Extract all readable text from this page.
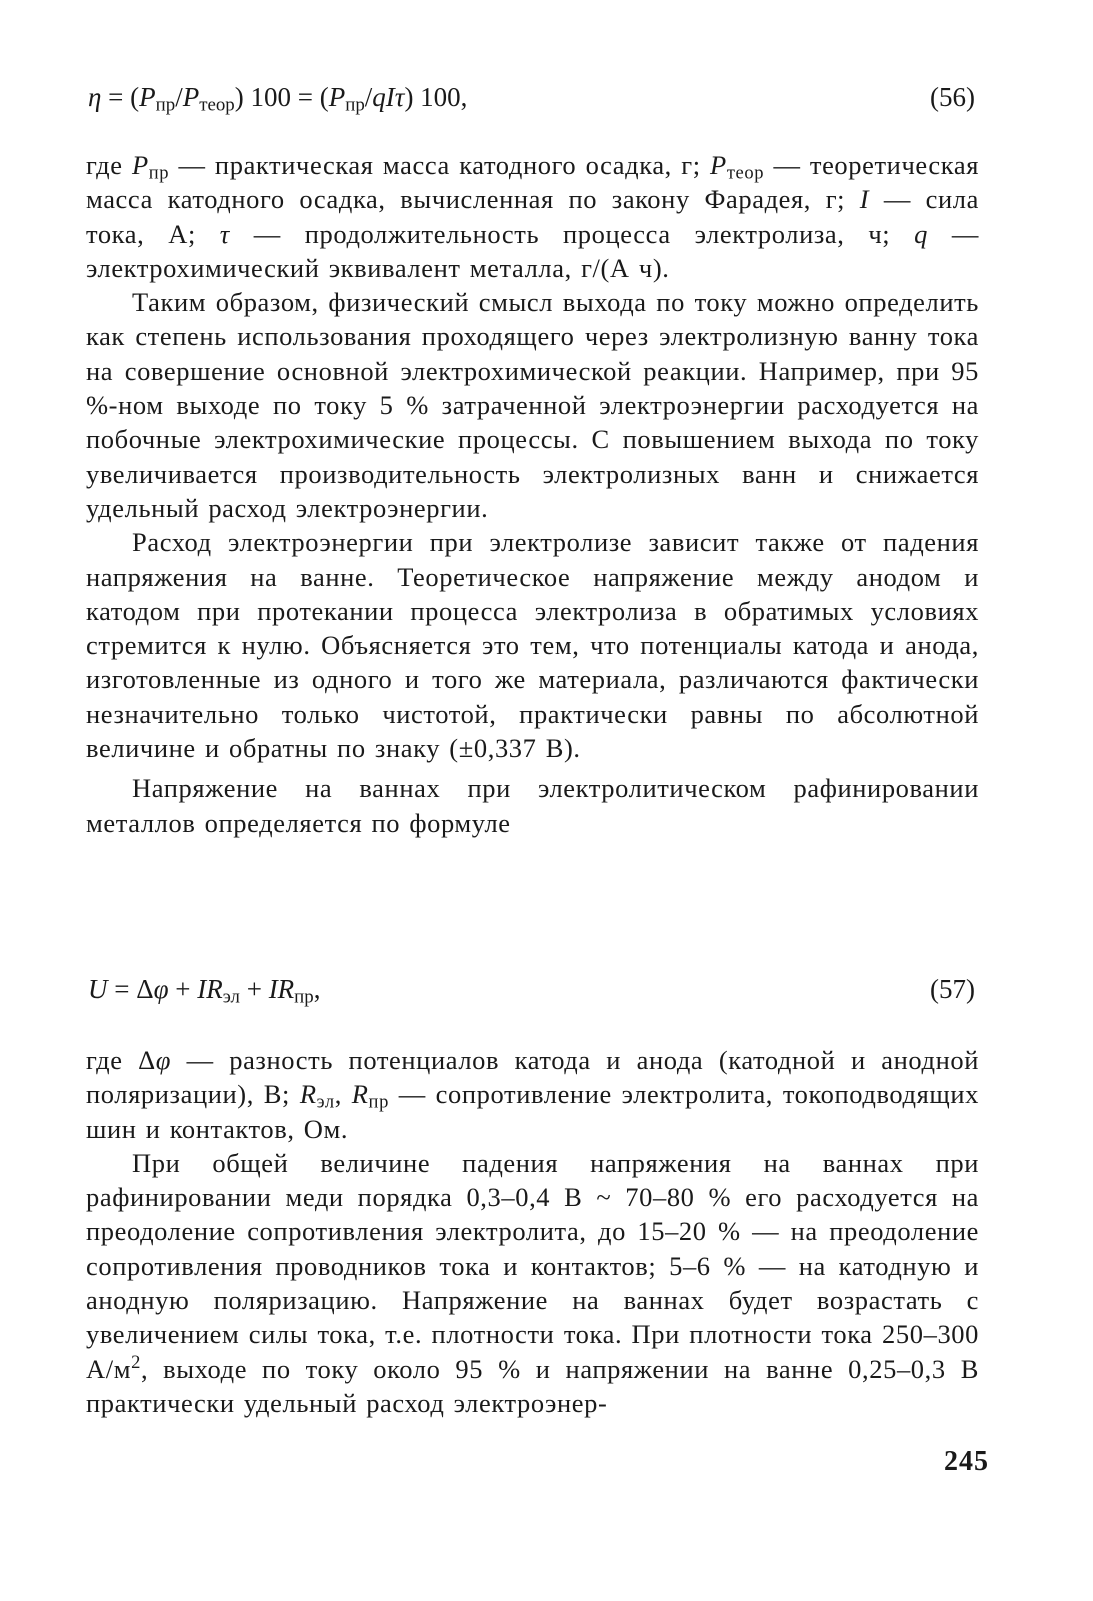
$\eta = (P_{пр}/P_{теор}) 100 = (P_{пр}/qI\tau)$ 100,	(56)

где $P_{пр}$ — практическая масса катодного осадка, г; $P_{теор}$ — теоретическая масса катодного осадка, вычисленная по закону Фарадея, г; I — сила тока, А; τ — продолжительность процесса электролиза, ч; q — электрохимический эквивалент металла, г/(А ч).

Таким образом, физический смысл выхода по току можно определить как степень использования проходящего через электролизную ванну тока на совершение основной электрохимической реакции. Например, при 95 %-ном выходе по току 5 % затраченной электроэнергии расходуется на побочные электрохимические процессы. С повышением выхода по току увеличивается производительность электролизных ванн и снижается удельный расход электроэнергии.

Расход электроэнергии при электролизе зависит также от падения напряжения на ванне. Теоретическое напряжение между анодом и катодом при протекании процесса электролиза в обратимых условиях стремится к нулю. Объясняется это тем, что потенциалы катода и анода, изготовленные из одного и того же материала, различаются фактически незначительно только чистотой, практически равны по абсолютной величине и обратны по знаку (±0,337 В).

Напряжение на ваннах при электролитическом рафинировании металлов определяется по формуле

$U = \Delta\varphi + IR_{эл} + IR_{пр}$,	(57)

где Δφ — разность потенциалов катода и анода (катодной и анодной поляризации), В; $R_{эл}$, $R_{пр}$ — сопротивление электролита, токоподводящих шин и контактов, Ом.

При общей величине падения напряжения на ваннах при рафинировании меди порядка 0,3–0,4 В ~ 70–80 % его расходуется на преодоление сопротивления электролита, до 15–20 % — на преодоление сопротивления проводников тока и контактов; 5–6 % — на катодную и анодную поляризацию. Напряжение на ваннах будет возрастать с увеличением силы тока, т.е. плотности тока. При плотности тока 250–300 $А/м^2$, выходе по току около 95 % и напряжении на ванне 0,25–0,3 В практически удельный расход электроэнер-

245
